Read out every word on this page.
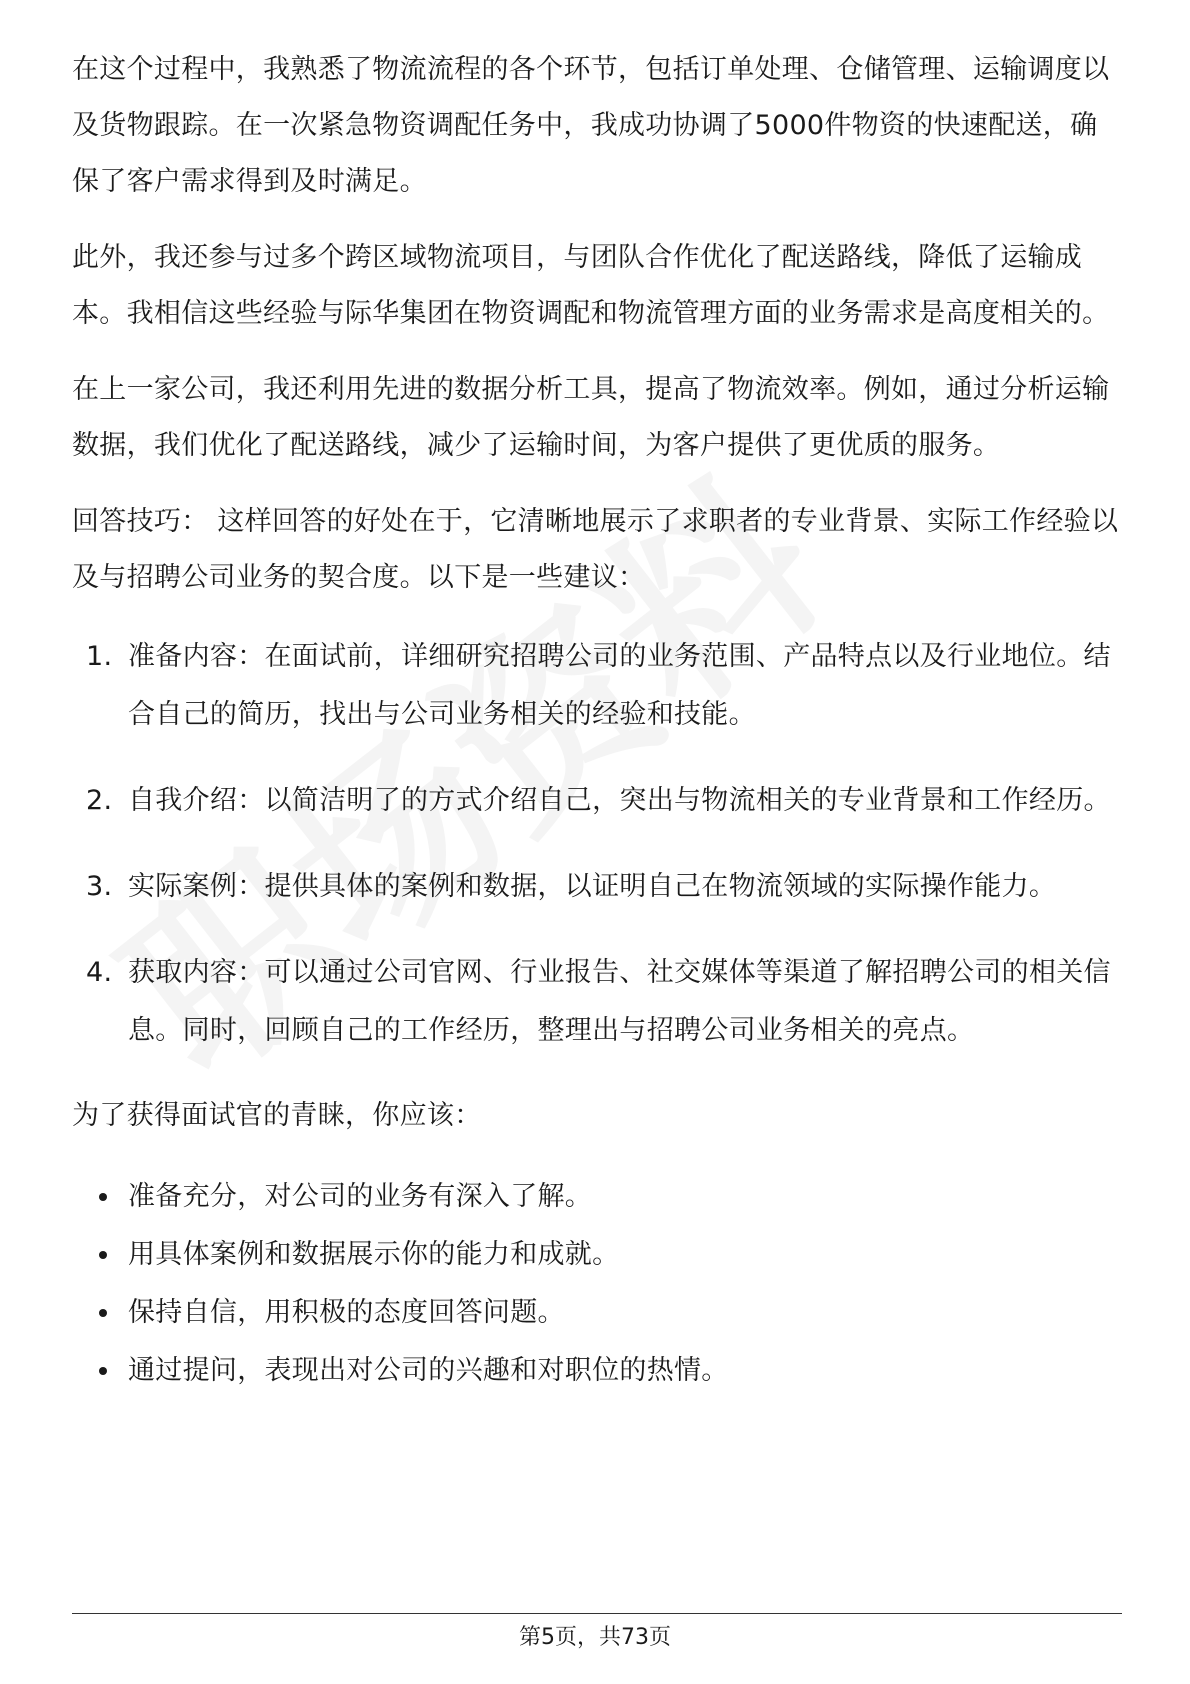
在这个过程中，我熟悉了物流流程的各个环节，包括订单处理、仓储管理、运输调度以及货物跟踪。在一次紧急物资调配任务中，我成功协调了5000件物资的快速配送，确保了客户需求得到及时满足。

此外，我还参与过多个跨区域物流项目，与团队合作优化了配送路线，降低了运输成本。我相信这些经验与际华集团在物资调配和物流管理方面的业务需求是高度相关的。

在上一家公司，我还利用先进的数据分析工具，提高了物流效率。例如，通过分析运输数据，我们优化了配送路线，减少了运输时间，为客户提供了更优质的服务。

回答技巧： 这样回答的好处在于，它清晰地展示了求职者的专业背景、实际工作经验以及与招聘公司业务的契合度。以下是一些建议：

1. 准备内容：在面试前，详细研究招聘公司的业务范围、产品特点以及行业地位。结合自己的简历，找出与公司业务相关的经验和技能。
2. 自我介绍：以简洁明了的方式介绍自己，突出与物流相关的专业背景和工作经历。
3. 实际案例：提供具体的案例和数据，以证明自己在物流领域的实际操作能力。
4. 获取内容：可以通过公司官网、行业报告、社交媒体等渠道了解招聘公司的相关信息。同时，回顾自己的工作经历，整理出与招聘公司业务相关的亮点。

为了获得面试官的青睐，你应该：

准备充分，对公司的业务有深入了解。
用具体案例和数据展示你的能力和成就。
保持自信，用积极的态度回答问题。
通过提问，表现出对公司的兴趣和对职位的热情。
第5页，共73页
